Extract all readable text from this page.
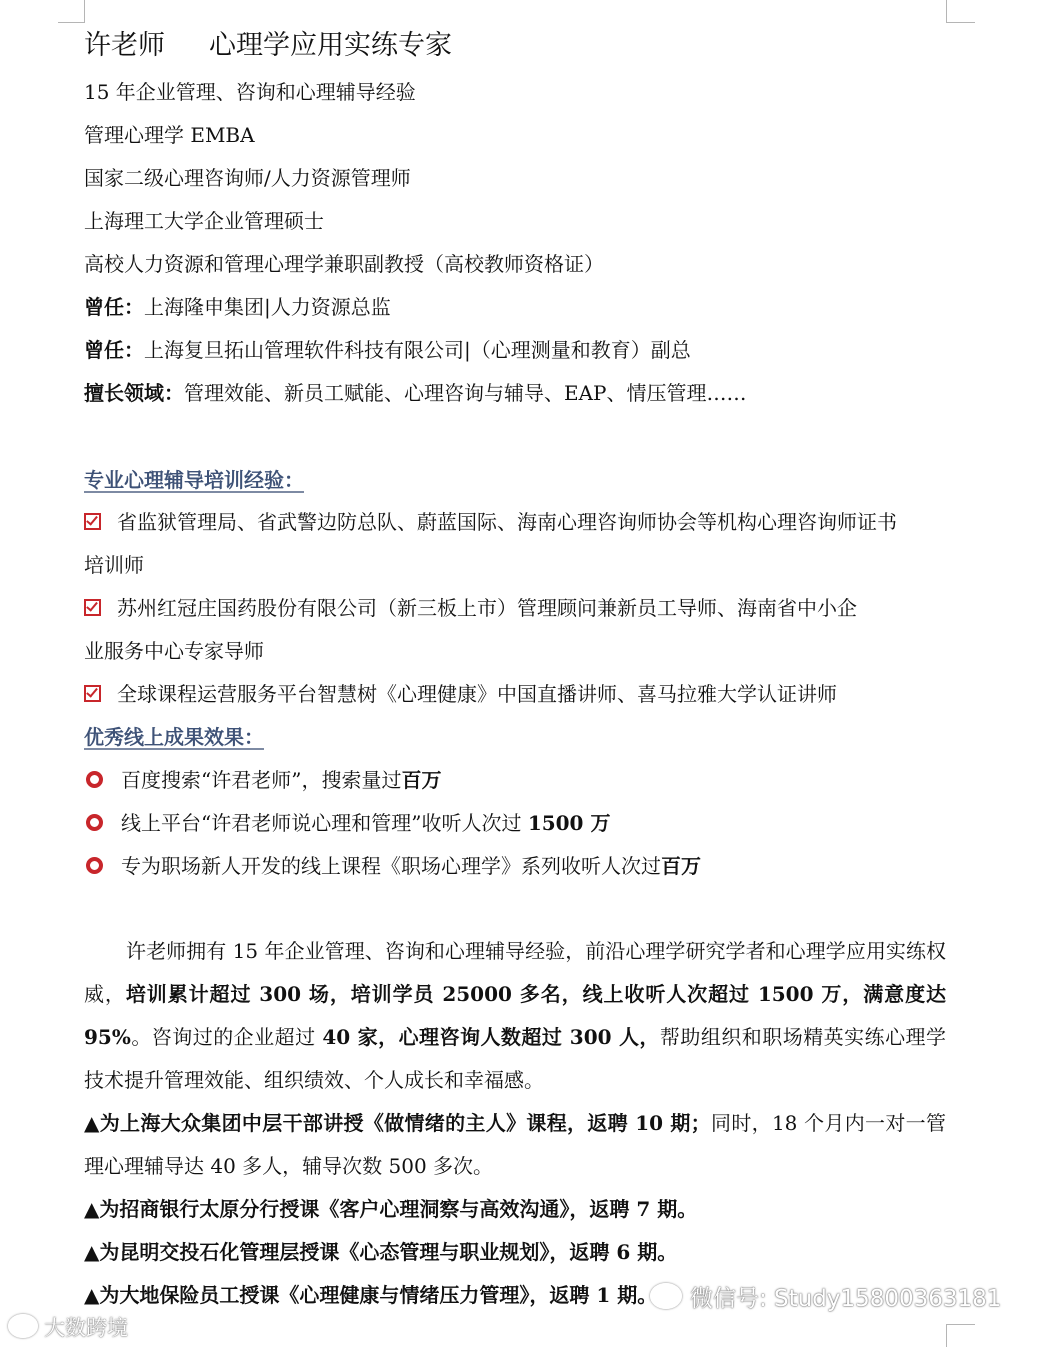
许老师 心理学应用实练专家
15 年企业管理、咨询和心理辅导经验
管理心理学 EMBA
国家二级心理咨询师/人力资源管理师
上海理工大学企业管理硕士
高校人力资源和管理心理学兼职副教授（高校教师资格证）
曾任：上海隆申集团|人力资源总监
曾任：上海复旦拓山管理软件科技有限公司|（心理测量和教育）副总
擅长领域：管理效能、新员工赋能、心理咨询与辅导、EAP、情压管理……
专业心理辅导培训经验：
省监狱管理局、省武警边防总队、蔚蓝国际、海南心理咨询师协会等机构心理咨询师证书
培训师
苏州红冠庄国药股份有限公司（新三板上市）管理顾问兼新员工导师、海南省中小企
业服务中心专家导师
全球课程运营服务平台智慧树《心理健康》中国直播讲师、喜马拉雅大学认证讲师
优秀线上成果效果：
百度搜索“许君老师”，搜索量过百万
线上平台“许君老师说心理和管理”收听人次过 1500 万
专为职场新人开发的线上课程《职场心理学》系列收听人次过百万
许老师拥有 15 年企业管理、咨询和心理辅导经验，前沿心理学研究学者和心理学应用实练权威，培训累计超过 300 场，培训学员 25000 多名，线上收听人次超过 1500 万，满意度达 95%。咨询过的企业超过 40 家，心理咨询人数超过 300 人，帮助组织和职场精英实练心理学技术提升管理效能、组织绩效、个人成长和幸福感。
▲为上海大众集团中层干部讲授《做情绪的主人》课程，返聘 10 期；同时，18 个月内一对一管理心理辅导达 40 多人，辅导次数 500 多次。
▲为招商银行太原分行授课《客户心理洞察与高效沟通》，返聘 7 期。
▲为昆明交投石化管理层授课《心态管理与职业规划》，返聘 6 期。
▲为大地保险员工授课《心理健康与情绪压力管理》，返聘 1 期。
大数跨境
微信号: Study15800363181
